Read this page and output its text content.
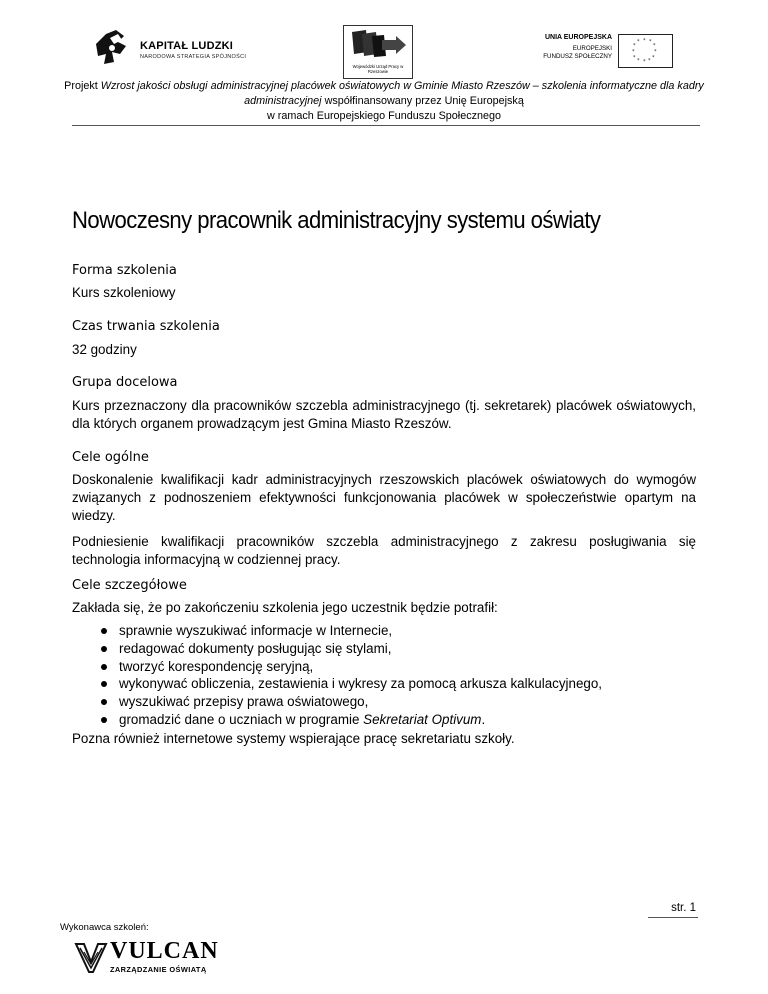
KAPITAŁ LUDZKI
NARODOWA STRATEGIA SPÓJNOŚCI
Wojewódzki Urząd Pracy w Rzeszowie
UNIA EUROPEJSKA
EUROPEJSKI
FUNDUSZ SPOŁECZNY
* *
*
*
*
*
*
*
*
*
*
*
Projekt Wzrost jakości obsługi administracyjnej placówek oświatowych w Gminie Miasto Rzeszów – szkolenia informatyczne dla kadry administracyjnej współfinansowany przez Unię Europejską
w ramach Europejskiego Funduszu Społecznego
Nowoczesny pracownik administracyjny systemu oświaty
Forma szkolenia
Kurs szkoleniowy
Czas trwania szkolenia
32 godziny
Grupa docelowa
Kurs przeznaczony dla pracowników szczebla administracyjnego (tj. sekretarek) placówek oświatowych, dla których organem prowadzącym jest Gmina Miasto Rzeszów.
Cele ogólne
Doskonalenie kwalifikacji kadr administracyjnych rzeszowskich placówek oświatowych do wymogów związanych z podnoszeniem efektywności funkcjonowania placówek w społeczeństwie opartym na wiedzy.
Podniesienie kwalifikacji pracowników szczebla administracyjnego z zakresu posługiwania się technologia informacyjną w codziennej pracy.
Cele szczegółowe
Zakłada się, że po zakończeniu szkolenia jego uczestnik będzie potrafił:
sprawnie wyszukiwać informacje w Internecie,
redagować dokumenty posługując się stylami,
tworzyć korespondencję seryjną,
wykonywać obliczenia, zestawienia i wykresy za pomocą arkusza kalkulacyjnego,
wyszukiwać przepisy prawa oświatowego,
gromadzić dane o uczniach w programie Sekretariat Optivum.
Pozna również internetowe systemy wspierające pracę sekretariatu szkoły.
str. 1
Wykonawca szkoleń:
VULCAN
ZARZĄDZANIE OŚWIATĄ
